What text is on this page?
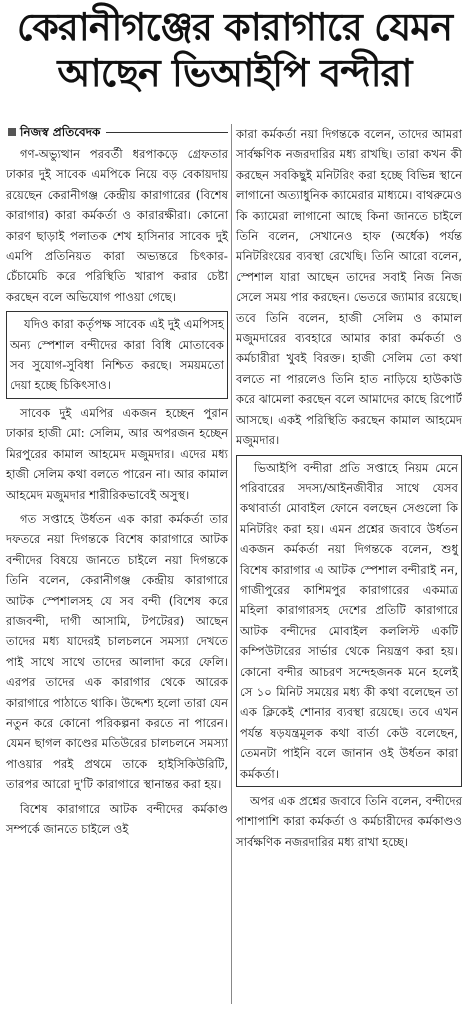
কেরানীগঞ্জের কারাগারে যেমন
আছেন ভিআইপি বন্দীরা
নিজস্ব প্রতিবেদক

গণ-অভ্যুত্থান পরবর্তী ধরপাকড়ে গ্রেফতার ঢাকার দুই সাবেক এমপিকে নিয়ে বড় বেকায়দায় রয়েছেন কেরানীগঞ্জ কেন্দ্রীয় কারাগারের (বিশেষ কারাগার) কারা কর্মকর্তা ও কারারক্ষীরা। কোনো কারণ ছাড়াই পলাতক শেখ হাসিনার সাবেক দুই এমপি প্রতিনিয়ত কারা অভ্যন্তরে চিৎকার-চেঁচামেচি করে পরিস্থিতি খারাপ করার চেষ্টা করছেন বলে অভিযোগ পাওয়া গেছে।

যদিও কারা কর্তৃপক্ষ সাবেক এই দুই এমপিসহ অন্য স্পেশাল বন্দীদের কারা বিধি মোতাবেক সব সুযোগ-সুবিধা নিশ্চিত করছে। সময়মতো দেয়া হচ্ছে চিকিৎসাও।

সাবেক দুই এমপির একজন হচ্ছেন পুরান ঢাকার হাজী মো: সেলিম, আর অপরজন হচ্ছেন মিরপুরের কামাল আহমেদ মজুমদার। এদের মধ্য হাজী সেলিম কথা বলতে পারেন না। আর কামাল আহমেদ মজুমদার শারীরিকভাবেই অসুস্থ।

গত সপ্তাহে উর্ধতন এক কারা কর্মকর্তা তার দফতরে নয়া দিগন্তকে বিশেষ কারাগারে আটক বন্দীদের বিষয়ে জানতে চাইলে নয়া দিগন্তকে তিনি বলেন, কেরানীগঞ্জ কেন্দ্রীয় কারাগারে আটক স্পেশালসহ যে সব বন্দী (বিশেষ করে রাজবন্দী, দাগী আসামি, টপটেরর) আছেন তাদের মধ্য যাদেরই চালচলনে সমস্যা দেখতে পাই সাথে সাথে তাদের আলাদা করে ফেলি। এরপর তাদের এক কারাগার থেকে আরেক কারাগারে পাঠাতে থাকি। উদ্দেশ্য হলো তারা যেন নতুন করে কোনো পরিকল্পনা করতে না পারেন। যেমন ছাগল কাণ্ডের মতিউরের চালচলনে সমস্যা পাওয়ার পরই প্রথমে তাকে হাইসিকিউরিটি, তারপর আরো দু'টি কারাগারে স্থানান্তর করা হয়।

বিশেষ কারাগারে আটক বন্দীদের কর্মকাণ্ড সম্পর্কে জানতে চাইলে ওই

কারা কর্মকর্তা নয়া দিগন্তকে বলেন, তাদের আমরা সার্বক্ষণিক নজরদারির মধ্য রাখছি। তারা কখন কী করছেন সবকিছুই মনিটরিং করা হচ্ছে বিভিন্ন স্থানে লাগানো অত্যাধুনিক ক্যামেরার মাধ্যমে। বাথরুমেও কি ক্যামেরা লাগানো আছে কিনা জানতে চাইলে তিনি বলেন, সেখানেও হাফ (অর্ধেক) পর্যন্ত মনিটরিংয়ের ব্যবস্থা রেখেছি। তিনি আরো বলেন, স্পেশাল যারা আছেন তাদের সবাই নিজ নিজ সেলে সময় পার করছেন। ভেতরে জ্যামার রয়েছে। তবে তিনি বলেন, হাজী সেলিম ও কামাল মজুমদারের ব্যবহারে আমার কারা কর্মকর্তা ও কর্মচারীরা খুবই বিরক্ত। হাজী সেলিম তো কথা বলতে না পারলেও তিনি হাত নাড়িয়ে হাউকাউ করে ঝামেলা করছেন বলে আমাদের কাছে রিপোর্ট আসছে। একই পরিস্থিতি করছেন কামাল আহমেদ মজুমদার।

ভিআইপি বন্দীরা প্রতি সপ্তাহে নিয়ম মেনে পরিবারের সদস্য/আইনজীবীর সাথে যেসব কথাবার্তা মোবাইল ফোনে বলছেন সেগুলো কি মনিটরিং করা হয়। এমন প্রশ্নের জবাবে উর্ধতন একজন কর্মকর্তা নয়া দিগন্তকে বলেন, শুধু বিশেষ কারাগার এ আটক স্পেশাল বন্দীরাই নন, গাজীপুরের কাশিমপুর কারাগারের একমাত্র মহিলা কারাগারসহ দেশের প্রতিটি কারাগারে আটক বন্দীদের মোবাইল কললিস্ট একটি কম্পিউটারের সার্ভার থেকে নিয়ন্ত্রণ করা হয়। কোনো বন্দীর আচরণ সন্দেহজনক মনে হলেই সে ১০ মিনিট সময়ের মধ্য কী কথা বলেছেন তা এক ক্লিকেই শোনার ব্যবস্থা রয়েছে। তবে এখন পর্যন্ত ষড়যন্ত্রমূলক কথা বার্তা কেউ বলেছেন, তেমনটা পাইনি বলে জানান ওই উর্ধতন কারা কর্মকর্তা।

অপর এক প্রশ্নের জবাবে তিনি বলেন, বন্দীদের পাশাপাশি কারা কর্মকর্তা ও কর্মচারীদের কর্মকাণ্ডও সার্বক্ষণিক নজরদারির মধ্য রাখা হচ্ছে।
